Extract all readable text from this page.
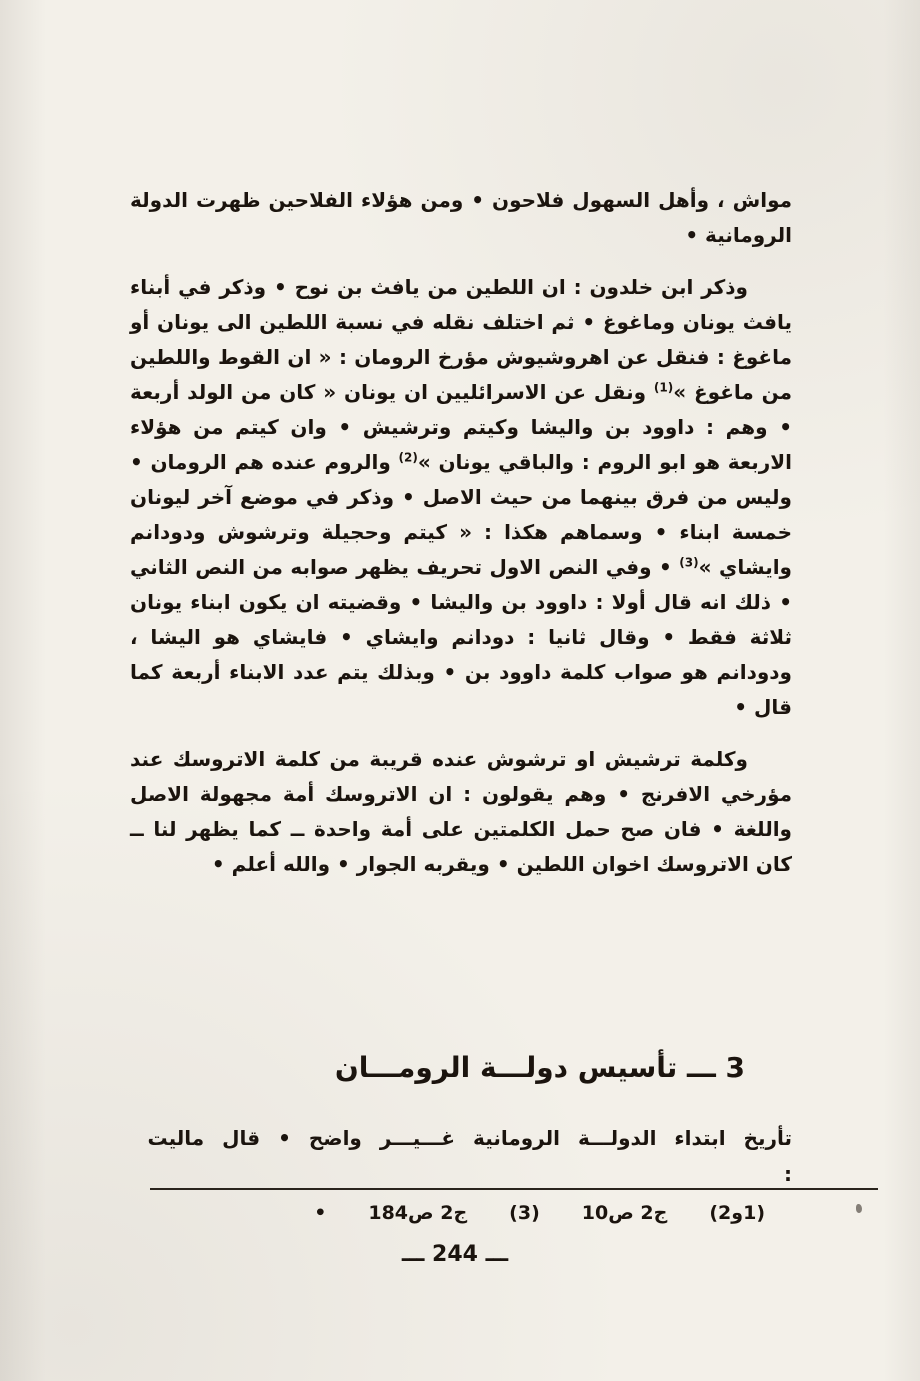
مواش ، وأهل السهول فلاحون • ومن هؤلاء الفلاحين ظهرت الدولة الرومانية •

وذكر ابن خلدون : ان اللطين من يافث بن نوح • وذكر في أبناء يافث يونان وماغوغ • ثم اختلف نقله في نسبة اللطين الى يونان أو ماغوغ : فنقل عن اهروشيوش مؤرخ الرومان : « ان القوط واللطين من ماغوغ »$^{(1)}$ ونقل عن الاسرائليين ان يونان « كان من الولد أربعة • وهم : داوود بن واليشا وكيتم وترشيش • وان كيتم من هؤلاء الاربعة هو ابو الروم : والباقي يونان »$^{(2)}$ والروم عنده هم الرومان • وليس من فرق بينهما من حيث الاصل • وذكر في موضع آخر ليونان خمسة ابناء • وسماهم هكذا : « كيتم وحجيلة وترشوش ودودانم وايشاي »$^{(3)}$ • وفي النص الاول تحريف يظهر صوابه من النص الثاني • ذلك انه قال أولا : داوود بن واليشا • وقضيته ان يكون ابناء يونان ثلاثة فقط • وقال ثانيا : دودانم وايشاي • فايشاي هو اليشا ، ودودانم هو صواب كلمة داوود بن • وبذلك يتم عدد الابناء أربعة كما قال •

وكلمة ترشيش او ترشوش عنده قريبة من كلمة الاتروسك عند مؤرخي الافرنج • وهم يقولون : ان الاتروسك أمة مجهولة الاصل واللغة • فان صح حمل الكلمتين على أمة واحدة ــ كما يظهر لنا ــ كان الاتروسك اخوان اللطين • ويقربه الجوار • والله أعلم •

3 ـــ تأسيس دولـــة الرومـــان

تأريخ ابتداء الدولـــة الرومانية غـــيـــر واضح • قال ماليت :

(1و2)
ج2 ص10
(3)
ج2 ص184
•
ـــ 244 ـــ
